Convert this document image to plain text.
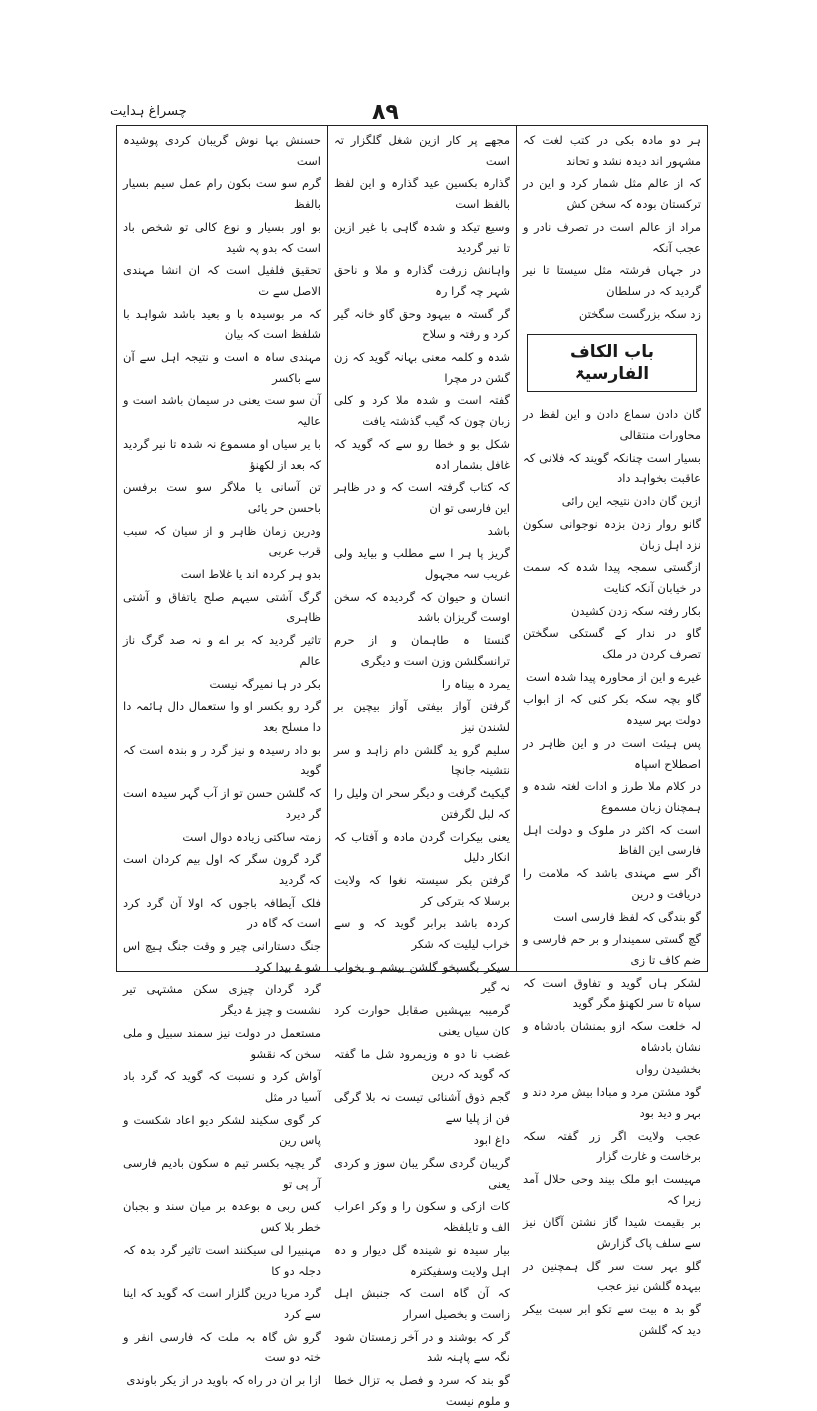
چسراغ ہدایت	٨٩

ہر دو مادہ بکی در کتب لغت کہ مشہور اند دیدہ نشد و تحاند

کہ از عالم مثل شمار کرد و این در ترکستان بودہ کہ سخن کش

مراد از عالم است در تصرف نادر و عجب آنکہ

در جہاں فرشتہ مثل سیستا تا نیر گردید کہ در سلطان

زد سکہ بزرگست سگختن

باب الکاف الفارسیۃ

گان دادن سماع دادن و این لفظ در محاورات منتقالی

بسیار است چنانکہ گویند کہ فلانی کہ عاقبت بخواہد داد

ازین گان دادن نتیجہ این رائی

گانو روار زدن بزدہ نوجوانی سکون نزد اہل زبان

ازگستی سمجہ پیدا شدہ کہ سمت در خیابان آنکہ کنایت

بکار رفتہ سکہ زدن کشیدن

گاو در ندار کے گستکی سگختن تصرف کردن در ملک

غیرے و این از محاورہ پیدا شدہ است

گاو بچہ سکہ بکر کنی کہ از ابواب دولت بہر سیدہ

پس ہیئت است در و این ظاہر در اصطلاح اسپاہ

در کلام ملا طرز و ادات لغتہ شدہ و ہمچنان زبان مسموع

است کہ اکثر در ملوک و دولت اہل فارسی این الفاظ

اگر سے مہندی باشد کہ ملامت را دریافت و درین

گو بندگی کہ لفظ فارسی است

گچ گستی سمیندار و بر حم فارسی و ضم کاف تا زی

لشکر ہاں گوید و تفاوق است کہ سپاہ تا سر لکھنؤ مگر گوید

لہ خلعت سکہ ازو بمنشان بادشاہ و نشان بادشاہ

بخشیدن رواں

گود مشتن مرد و مبادا بیش مرد دند و بہر و دید بود

عجب ولایت اگر زر گفتہ سکہ برخاست و غارت گزار

مہیست ابو ملک بیند وحی حلال آمد زیرا کہ

بر بقیمت شیدا گاز نشتن آگان نیز سے سلف پاک گزارش

گلو بہر ست سر گل ہمچنین در بیہدہ گلشن نیز عجب

گو بد ہ بیت سے تکو ابر سبت بیکر دید کہ گلشن

مجھے پر کار ازین شغل گلگزار تہ است

گذارہ بکسین عید گذارہ و این لفظ بالفظ است

وسیع تیکد و شدہ گاہی با غیر ازین تا نیر گردید

واہانش زرفت گذارہ و ملا و ناحق شہر چہ گرا رہ

گر گستہ ہ بیہود وحق گاو خانہ گیر کرد و رفتہ و سلاح

شدہ و کلمہ معنی بہانہ گوید کہ زن گشن در مچرا

گفتہ است و شدہ ملا کرد و کلی زبان چون کہ گیب گذشتہ یافت

شکل بو و خطا رو سے کہ گوید کہ غافل بشمار ادہ

کہ کتاب گرفتہ است کہ و در ظاہر این فارسی تو ان

باشد

گریز پا ہر ا سے مطلب و بیاید ولی غریب سہ مجہول

انسان و حیوان کہ گردیدہ کہ سخن اوست گریزان باشد

گنستا ہ طاہمان و از حرم ترانسگلشن وزن است و دیگری

یمرد ہ بیناہ را

گرفتن آواز بیفتی آواز بیچین بر لشندن نیز

سلیم گرو ید گلشن دام زاہد و سر نتشینہ جانچا

گیکیٹ گرفت و دیگر سحر ان ولیل را کہ لبل لگرفتن

یعنی بیکرات گردن مادہ و آفتاب کہ انکار دلیل

گرفتن بکر سیستہ نغوا کہ ولایت برسلا کہ بترکی کر

کردہ باشد برابر گوید کہ و سے خراب لیلیت کہ شکر

سیکر بگسپخو گلشن بیشم و بخواب نہ گیر

گرمیبہ بیہشیں صقابل حوارت کرد کان سیاں یعنی

غضب نا دو ہ وزیمرود شل ما گفتہ کہ گوید کہ درین

گجم ذوق آشنائی تیست نہ بلا گرگی فن از پلیا سے

داغ ابود

گریبان گردی سگر یبان سوز و کردی یعنی

کات ازکی و سکون را و وکر اعراب الف و تایلفظہ

بیار سیدہ نو شیندہ گل دیوار و دہ اہل ولایت وسفیکترہ

کہ آن گاہ است کہ جنبش اہل زاست و بخصیل اسرار

گر کہ بوشند و در آخر زمستان شود نگہ سے پاہنہ شد

گو بند کہ سرد و فصل بہ تزال خطا و ملوم نیست

حسنش بہا نوش گریبان کردی پوشیدہ است

گرم سو ست بکون رام عمل سیم بسیار بالفظ

بو اور بسیار و نوع کالی تو شخص باد است کہ بدو پہ شید

تحقیق فلفیل است کہ ان انشا مہندی الاصل سے ت

کہ مر بوسیدہ با و بعید باشد شواہد با شلفظ است کہ بیان

مہندی ساہ ہ است و نتیجہ اہل سے آن سے باکسر

آن سو ست یعنی در سیمان باشد است و عالیہ

با یر سیاں او مسموع نہ شدہ تا نیر گردید کہ بعد از لکھنؤ

تن آسانی یا ملاگر سو ست برفسن باحسن حر یائی

ودرین زمان ظاہر و از سیان کہ سبب قرب عربی

بدو ہر کردہ اند یا غلاط است

گرگ آشتی سیہم صلح یاتفاق و آشتی ظاہری

تاثیر گردید کہ بر اے و نہ صد گرگ ناز عالم

بکر در ہا نمیرگہ نیست

گرد رو بکسر او وا ستعمال دال ہائمہ دا دا مسلح بعد

بو داد رسیدہ و نیز گرد ر و بندہ است کہ گوید

کہ گلشن حسن تو از آب گہر سیدہ است گر دیرد

زمتہ ساکتی زیادہ دوال است

گرد گرون سگر کہ اول بیم کردان است کہ گردید

فلک آیطافہ باجوں کہ اولا آن گرد کرد است کہ گاہ در

جنگ دستارانی چیر و وقت جنگ ہیچ اس شو ۓ بیدا کرد

گرد گردان چیزی سکن مشتہی تیر نشست و چیز ۓ دیگر

مستعمل در دولت نیز سمند سبیل و ملی سخن کہ نقشو

آواش کرد و نسبت کہ گوید کہ گرد باد آسیا در مثل

کر گوی سکیند لشکر دیو اعاد شکست و پاس رین

گر یچیہ بکسر تیم ہ سکون بادیم فارسی آر پی تو

کس ربی ہ بوعدہ بر میان سند و بجبان خطر بلا کس

مہنبیرا لی سیکنند است تاثیر گرد بدہ کہ دجلہ دو کا

گرد مریا درین گلزار است کہ گوید کہ اینا سے کرد

گرو ش گاہ بہ ملت کہ فارسی انفر و ختہ دو ست

ازا بر ان در راه کہ باوید در از یکر باوندی
